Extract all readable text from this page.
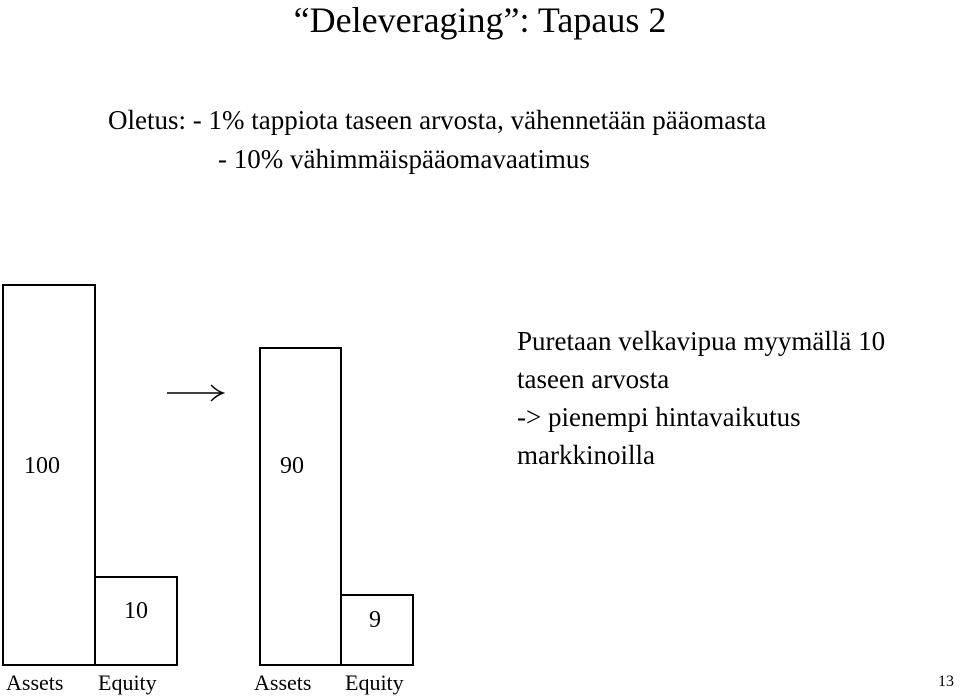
“Deleveraging”: Tapaus 2
Oletus: - 1% tappiota taseen arvosta, vähennetään pääomasta
- 10% vähimmäispääomavaatimus
100
10
90
9
Puretaan velkavipua myymällä 10
taseen arvosta
-> pienempi hintavaikutus
markkinoilla
Assets Equity	Assets Equity	13
